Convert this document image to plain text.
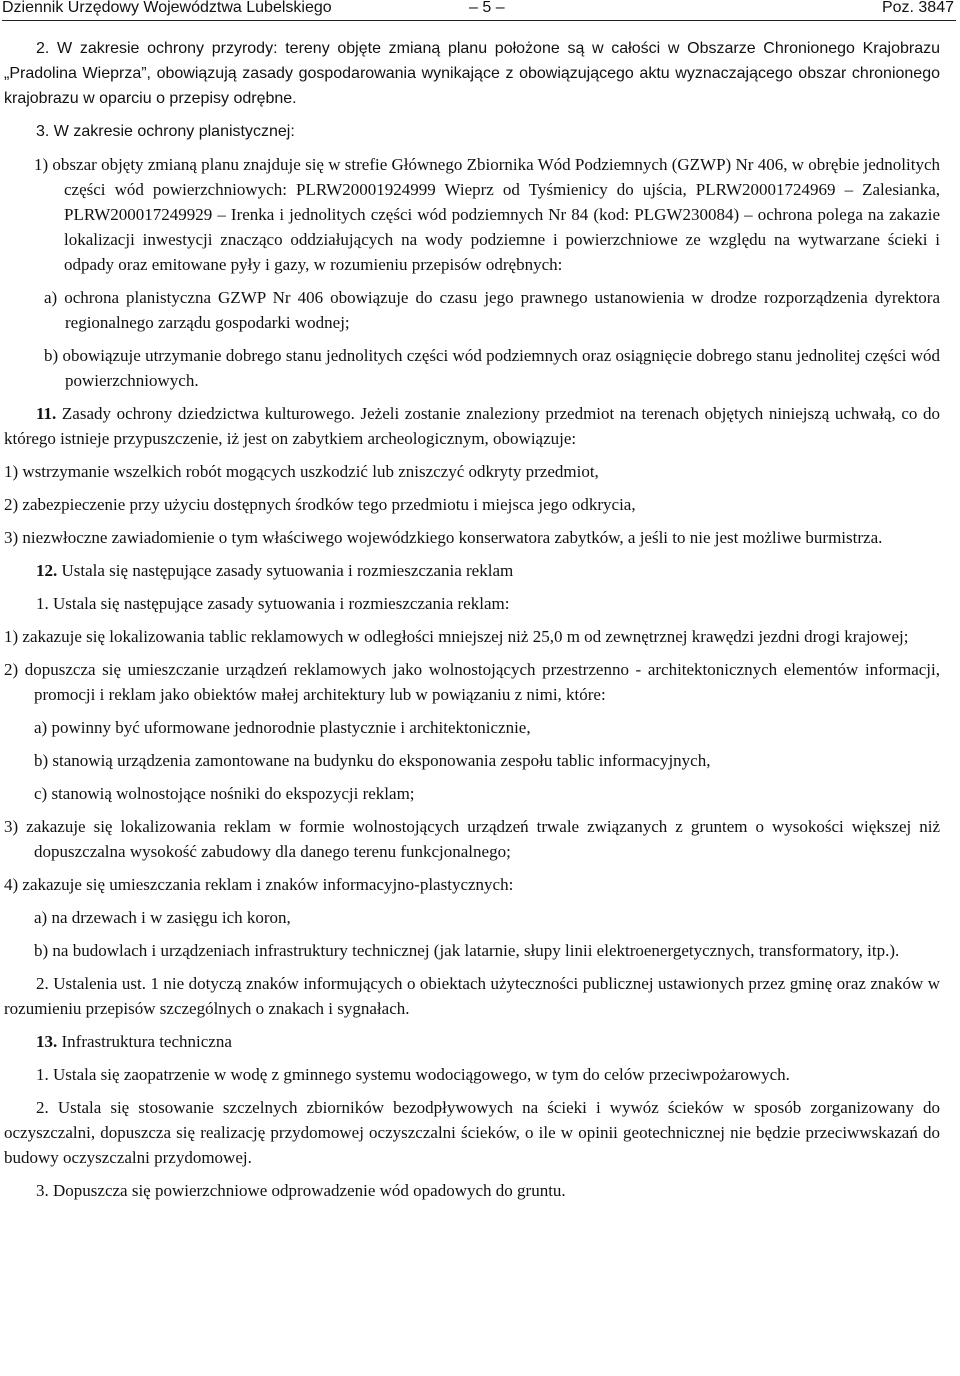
Dziennik Urzędowy Województwa Lubelskiego	– 5 –	Poz. 3847

2. W zakresie ochrony przyrody: tereny objęte zmianą planu położone są w całości w Obszarze Chronionego Krajobrazu „Pradolina Wieprza”, obowiązują zasady gospodarowania wynikające z obowiązującego aktu wyznaczającego obszar chronionego krajobrazu w oparciu o przepisy odrębne.

3. W zakresie ochrony planistycznej:

1) obszar objęty zmianą planu znajduje się w strefie Głównego Zbiornika Wód Podziemnych (GZWP) Nr 406, w obrębie jednolitych części wód powierzchniowych: PLRW20001924999 Wieprz od Tyśmienicy do ujścia, PLRW20001724969 – Zalesianka, PLRW200017249929 – Irenka i jednolitych części wód podziemnych Nr 84 (kod: PLGW230084) – ochrona polega na zakazie lokalizacji inwestycji znacząco oddziałujących na wody podziemne i powierzchniowe ze względu na wytwarzane ścieki i odpady oraz emitowane pyły i gazy, w rozumieniu przepisów odrębnych:

a) ochrona planistyczna GZWP Nr 406 obowiązuje do czasu jego prawnego ustanowienia w drodze rozporządzenia dyrektora regionalnego zarządu gospodarki wodnej;

b) obowiązuje utrzymanie dobrego stanu jednolitych części wód podziemnych oraz osiągnięcie dobrego stanu jednolitej części wód powierzchniowych.

11. Zasady ochrony dziedzictwa kulturowego. Jeżeli zostanie znaleziony przedmiot na terenach objętych niniejszą uchwałą, co do którego istnieje przypuszczenie, iż jest on zabytkiem archeologicznym, obowiązuje:

1) wstrzymanie wszelkich robót mogących uszkodzić lub zniszczyć odkryty przedmiot,

2) zabezpieczenie przy użyciu dostępnych środków tego przedmiotu i miejsca jego odkrycia,

3) niezwłoczne zawiadomienie o tym właściwego wojewódzkiego konserwatora zabytków, a jeśli to nie jest możliwe burmistrza.

12. Ustala się następujące zasady sytuowania i rozmieszczania reklam

1. Ustala się następujące zasady sytuowania i rozmieszczania reklam:

1) zakazuje się lokalizowania tablic reklamowych w odległości mniejszej niż 25,0 m od zewnętrznej krawędzi jezdni drogi krajowej;

2) dopuszcza się umieszczanie urządzeń reklamowych jako wolnostojących przestrzenno - architektonicznych elementów informacji, promocji i reklam jako obiektów małej architektury lub w powiązaniu z nimi, które:

a) powinny być uformowane jednorodnie plastycznie i architektonicznie,

b) stanowią urządzenia zamontowane na budynku do eksponowania zespołu tablic informacyjnych,

c) stanowią wolnostojące nośniki do ekspozycji reklam;

3) zakazuje się lokalizowania reklam w formie wolnostojących urządzeń trwale związanych z gruntem o wysokości większej niż dopuszczalna wysokość zabudowy dla danego terenu funkcjonalnego;

4) zakazuje się umieszczania reklam i znaków informacyjno-plastycznych:

a) na drzewach i w zasięgu ich koron,

b) na budowlach i urządzeniach infrastruktury technicznej (jak latarnie, słupy linii elektroenergetycznych, transformatory, itp.).

2. Ustalenia ust. 1 nie dotyczą znaków informujących o obiektach użyteczności publicznej ustawionych przez gminę oraz znaków w rozumieniu przepisów szczególnych o znakach i sygnałach.

13. Infrastruktura techniczna

1. Ustala się zaopatrzenie w wodę z gminnego systemu wodociągowego, w tym do celów przeciwpożarowych.

2. Ustala się stosowanie szczelnych zbiorników bezodpływowych na ścieki i wywóz ścieków w sposób zorganizowany do oczyszczalni, dopuszcza się realizację przydomowej oczyszczalni ścieków, o ile w opinii geotechnicznej nie będzie przeciwwskazań do budowy oczyszczalni przydomowej.

3. Dopuszcza się powierzchniowe odprowadzenie wód opadowych do gruntu.
